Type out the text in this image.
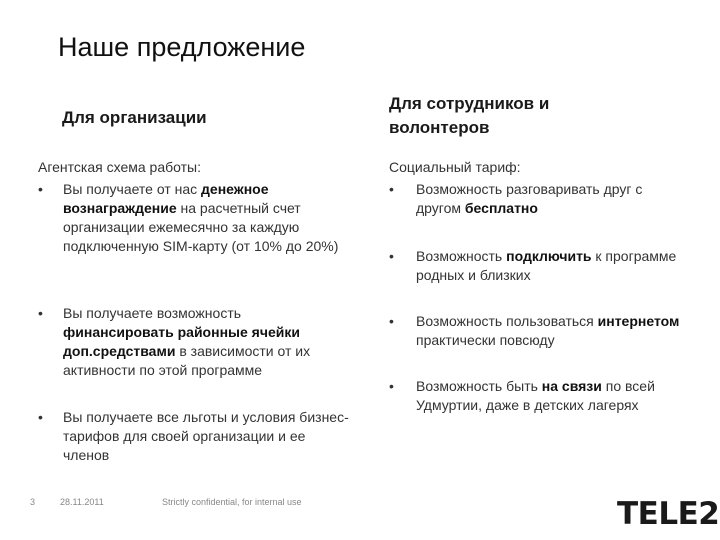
Наше предложение
Для организации
Для сотрудников и
волонтеров
Агентская схема работы:	Социальный тариф:
• Вы получаете от нас денежное вознаграждение на расчетный счет организации ежемесячно за каждую подключенную SIM-карту (от 10% до 20%)
• Вы получаете возможность финансировать районные ячейки доп.средствами в зависимости от их активности по этой программе
• Вы получаете все льготы и условия бизнес-тарифов для своей организации и ее членов
• Возможность разговаривать друг с другом бесплатно
• Возможность подключить к программе родных и близких
• Возможность пользоваться интернетом практически повсюду
• Возможность быть на связи по всей Удмуртии, даже в детских лагерях
3	28.11.2011	Strictly confidential, for internal use	TELE2
